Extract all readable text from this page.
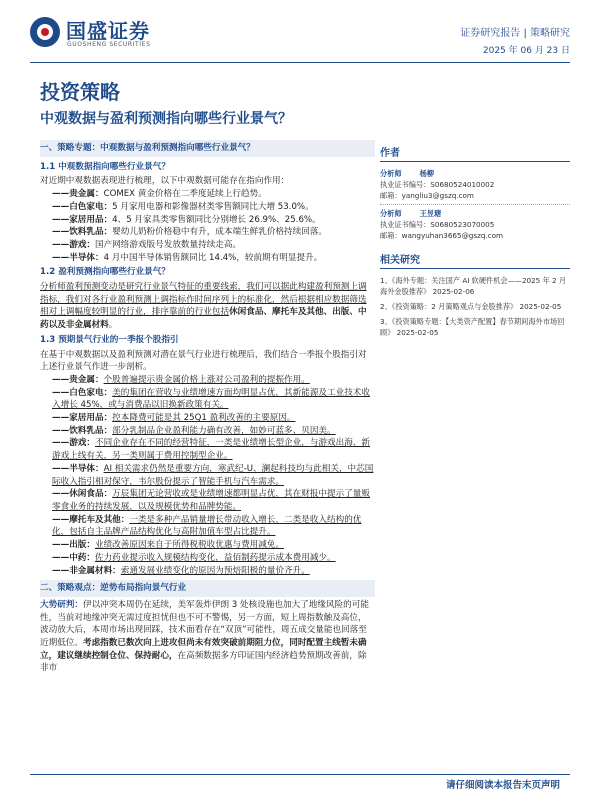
国盛证券
GUOSHENG SECURITIES
证券研究报告 | 策略研究
2025 年 06 月 23 日
投资策略
中观数据与盈利预测指向哪些行业景气？
一、策略专题：中观数据与盈利预测指向哪些行业景气？
1.1 中观数据指向哪些行业景气？

对近期中观数据表现进行梳理，以下中观数据可能存在指向作用：

——贵金属：COMEX 黄金价格在二季度延续上行趋势。
——白色家电：5 月家用电器和影像器材类零售额同比大增 53.0%。
——家居用品：4、5 月家具类零售额同比分别增长 26.9%、25.6%。
——饮料乳品：婴幼儿奶粉价格稳中有升，成本端生鲜乳价格持续回落。
——游戏：国产网络游戏版号发放数量持续走高。
——半导体：4 月中国半导体销售额同比 14.4%，较前期有明显提升。
1.2 盈利预测指向哪些行业景气？

分析师盈利预测变动是研究行业景气特征的重要线索，我们可以据此构建盈利预测上调指标，我们对各行业盈利预测上调指标作时间序列上的标准化，然后根据相应数据筛选相对上调幅度较明显的行业，排序靠前的行业包括休闲食品、摩托车及其他、出版、中药以及非金属材料。

1.3 预期景气行业的一季报个股指引

在基于中观数据以及盈利预测对潜在景气行业进行梳理后，我们结合一季报个股指引对上述行业景气作进一步剖析。

——贵金属：个股普遍提示贵金属价格上涨对公司盈利的提振作用。
——白色家电：美的集团在营收与业绩增速方面均明显占优，其新能源及工业技术收入增长 45%，或与消费品以旧换新政策有关。
——家居用品：控本降费可能是其 25Q1 盈利改善的主要原因。
——饮料乳品：部分乳制品企业盈利能力确有改善，如妙可蓝多、贝因美。
——游戏：不同企业存在不同的经营特征，一类是业绩增长型企业，与游戏出海、新游戏上线有关，另一类则属于费用控制型企业。
——半导体：AI 相关需求仍然是重要方向，寒武纪-U、澜起科技均与此相关，中芯国际收入指引相对保守，韦尔股份提示了智能手机与汽车需求。
——休闲食品：万辰集团无论营收或是业绩增速都明显占优，其在财报中提示了量贩零食业务的持续发展，以及规模优势和品牌势能。
——摩托车及其他：一类是多种产品销量增长带动收入增长，二类是收入结构的优化，包括自主品牌产品结构优化与高附加值车型占比提升。
——出版：业绩改善原因来自于所得税税收优惠与费用减免。
——中药：佐力药业提示收入规模结构变化，益佰制药提示成本费用减少。
——非金属材料：索通发展业绩变化的原因为预焙阳极的量价齐升。
二、策略观点：逆势布局指向景气行业

大势研判：伊以冲突本周仍在延续，美军轰炸伊朗 3 处核设施也加大了地缘风险的可能性，当前对地缘冲突无需过度担忧但也不可不警惕，另一方面，短上周指数触及高位，波动放大后，本周市场出现回踩，技术面看存在“双顶”可能性，周五成交量能也回落至近期低位。考虑指数已数次向上进攻但尚未有效突破前期阻力位，同时配置主线暂未确立，建议继续控制仓位、保持耐心，在高频数据多方印证国内经济趋势预期改善前，除非市

作者
分析师	杨柳
执业证书编号：S0680524010002
邮箱：yangliu3@gszq.com
分析师	王昱瑭
执业证书编号：S0680523070005
邮箱：wangyuhan3665@gszq.com
相关研究
1、《海外专题：关注国产 AI 软硬件机会——2025 年 2 月海外金股推荐》 2025-02-06
2、《投资策略：2 月策略观点与金股推荐》 2025-02-05
3、《投资策略专题：【大类资产配置】春节期间海外市场回顾》 2025-02-05
请仔细阅读本报告末页声明
